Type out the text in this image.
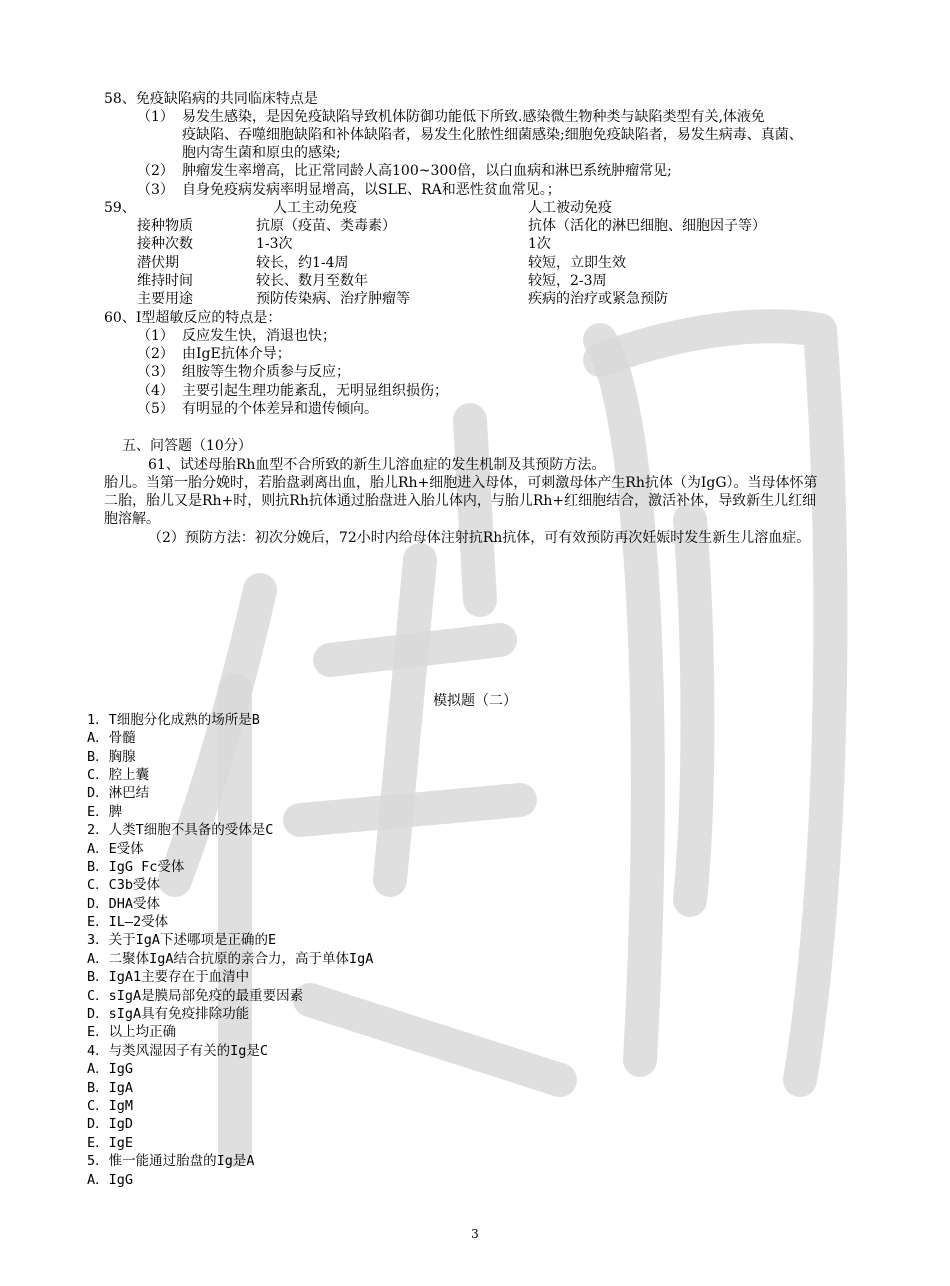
58、免疫缺陷病的共同临床特点是
（1） 易发生感染，是因免疫缺陷导致机体防御功能低下所致.感染微生物种类与缺陷类型有关,体液免
疫缺陷、吞噬细胞缺陷和补体缺陷者，易发生化脓性细菌感染;细胞免疫缺陷者，易发生病毒、真菌、
胞内寄生菌和原虫的感染;
（2） 肿瘤发生率增高，比正常同龄人高100~300倍，以白血病和淋巴系统肿瘤常见;
（3） 自身免疫病发病率明显增高，以SLE、RA和恶性贫血常见。；
59、	人工主动免疫	人工被动免疫
接种物质	抗原（疫苗、类毒素）	抗体（活化的淋巴细胞、细胞因子等）
接种次数	1-3次	1次
潜伏期	较长，约1-4周	较短，立即生效
维持时间	较长、数月至数年	较短，2-3周
主要用途	预防传染病、治疗肿瘤等	疾病的治疗或紧急预防
60、I型超敏反应的特点是：
（1） 反应发生快，消退也快；
（2） 由IgE抗体介导；
（3） 组胺等生物介质参与反应；
（4） 主要引起生理功能紊乱，无明显组织损伤；
（5） 有明显的个体差异和遗传倾向。
五、问答题（10分）
61、试述母胎Rh血型不合所致的新生儿溶血症的发生机制及其预防方法。
胎儿。当第一胎分娩时，若胎盘剥离出血，胎儿Rh+细胞进入母体，可刺激母体产生Rh抗体（为IgG）。当母体怀第
二胎，胎儿又是Rh+时，则抗Rh抗体通过胎盘进入胎儿体内，与胎儿Rh+红细胞结合，激活补体，导致新生儿红细
胞溶解。
（2）预防方法：初次分娩后，72小时内给母体注射抗Rh抗体，可有效预防再次妊娠时发生新生儿溶血症。
模拟题（二）
1．T细胞分化成熟的场所是B
A．骨髓
B．胸腺
C．腔上囊
D．淋巴结
E．脾
2．人类T细胞不具备的受体是C
A．E受体
B．IgG Fc受体
C．C3b受体
D．DHA受体
E．IL—2受体
3．关于IgA下述哪项是正确的E
A．二聚体IgA结合抗原的亲合力，高于单体IgA
B．IgA1主要存在于血清中
C．sIgA是膜局部免疫的最重要因素
D．sIgA具有免疫排除功能
E．以上均正确
4．与类风湿因子有关的Ig是C
A．IgG
B．IgA
C．IgM
D．IgD
E．IgE
5．惟一能通过胎盘的Ig是A
A．IgG
3
